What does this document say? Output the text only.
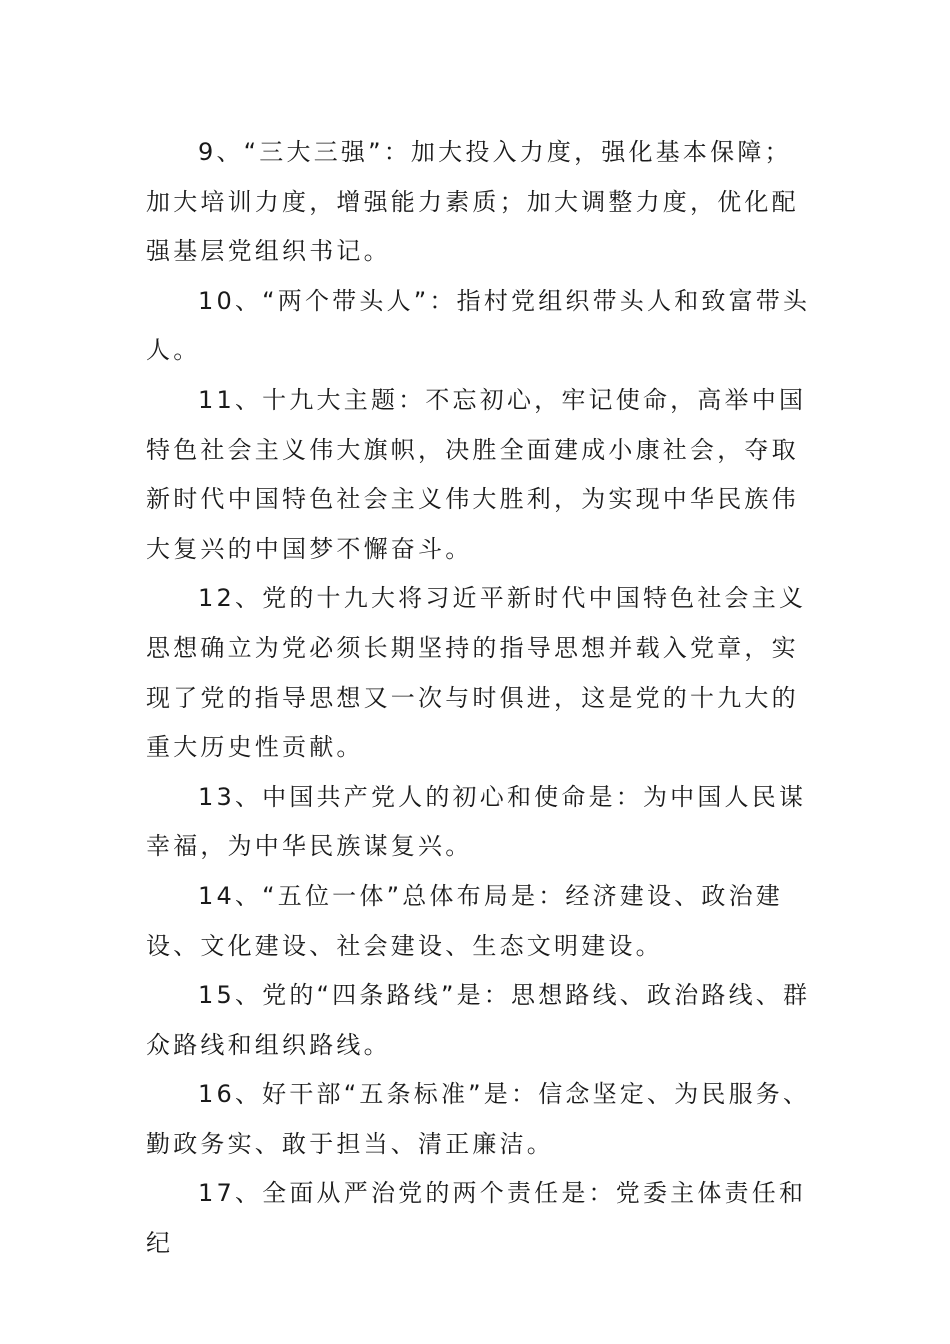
9、“三大三强”：加大投入力度，强化基本保障；加大培训力度，增强能力素质；加大调整力度，优化配强基层党组织书记。

10、“两个带头人”：指村党组织带头人和致富带头人。

11、十九大主题：不忘初心，牢记使命，高举中国特色社会主义伟大旗帜，决胜全面建成小康社会，夺取新时代中国特色社会主义伟大胜利，为实现中华民族伟大复兴的中国梦不懈奋斗。

12、党的十九大将习近平新时代中国特色社会主义思想确立为党必须长期坚持的指导思想并载入党章，实现了党的指导思想又一次与时俱进，这是党的十九大的重大历史性贡献。

13、中国共产党人的初心和使命是：为中国人民谋幸福，为中华民族谋复兴。

14、“五位一体”总体布局是：经济建设、政治建设、文化建设、社会建设、生态文明建设。

15、党的“四条路线”是：思想路线、政治路线、群众路线和组织路线。

16、好干部“五条标准”是：信念坚定、为民服务、勤政务实、敢于担当、清正廉洁。

17、全面从严治党的两个责任是：党委主体责任和纪
